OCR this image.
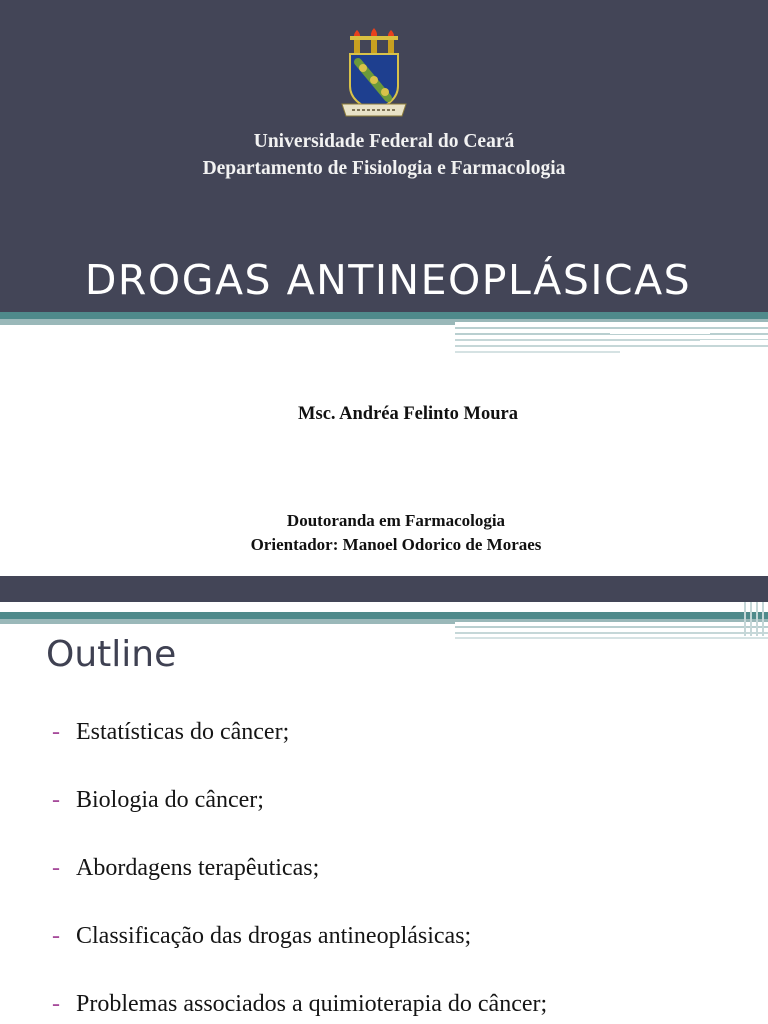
Universidade Federal do Ceará
Departamento de Fisiologia e Farmacologia
DROGAS ANTINEOPLÁSICAS
Msc. Andréa Felinto Moura
Doutoranda em Farmacologia
Orientador: Manoel Odorico de Moraes
Outline
- Estatísticas do câncer;
- Biologia do câncer;
- Abordagens terapêuticas;
- Classificação das drogas antineoplásicas;
- Problemas associados a quimioterapia do câncer;
